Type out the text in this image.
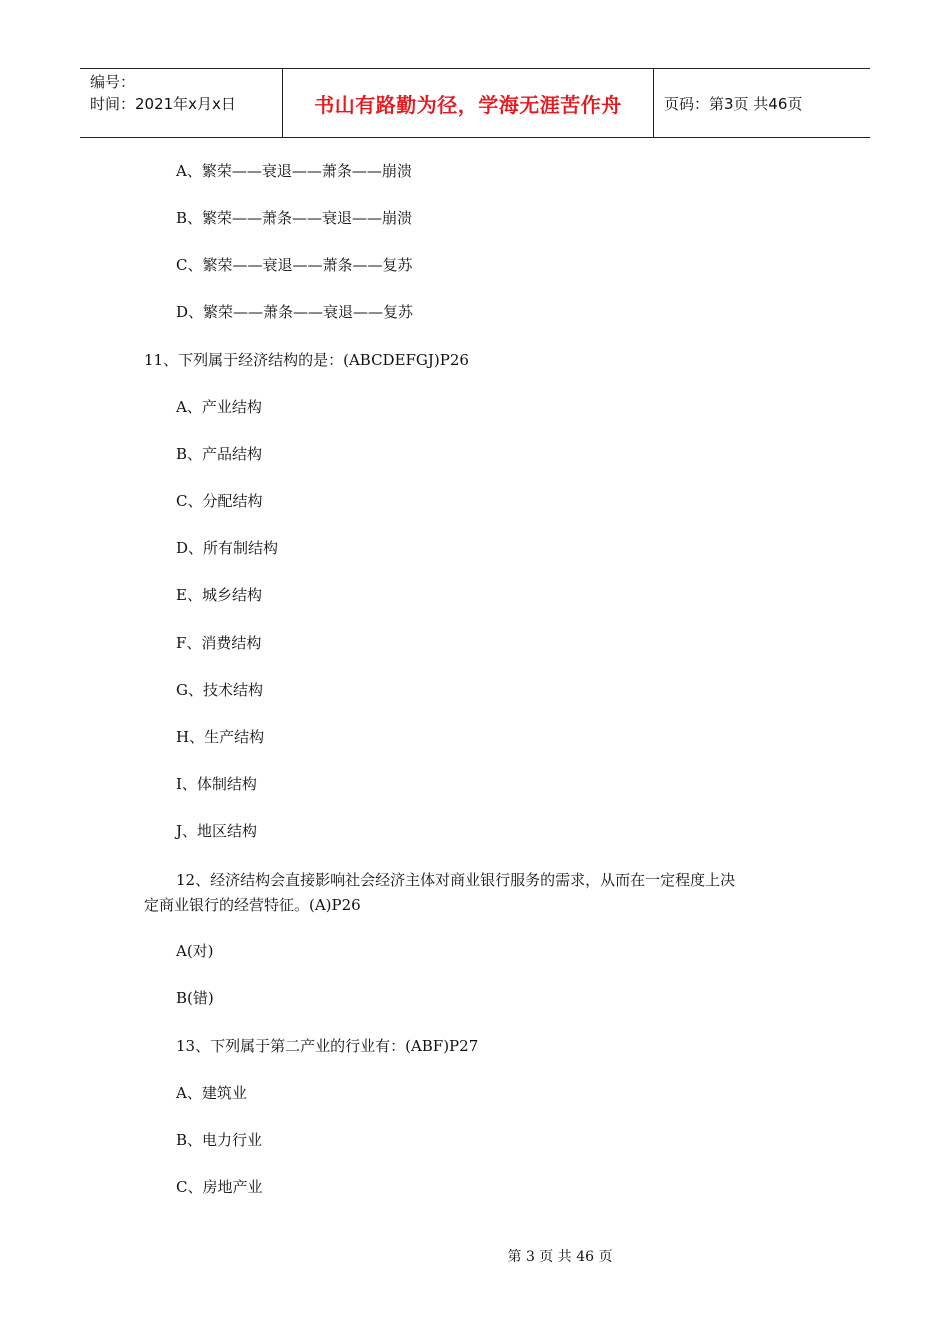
编号：
时间：2021年x月x日	书山有路勤为径，学海无涯苦作舟	页码：第3页 共46页
A、繁荣——衰退——萧条——崩溃
B、繁荣——萧条——衰退——崩溃
C、繁荣——衰退——萧条——复苏
D、繁荣——萧条——衰退——复苏
11、下列属于经济结构的是：(ABCDEFGJ)P26
A、产业结构
B、产品结构
C、分配结构
D、所有制结构
E、城乡结构
F、消费结构
G、技术结构
H、生产结构
I、体制结构
J、地区结构
12、经济结构会直接影响社会经济主体对商业银行服务的需求，从而在一定程度上决
定商业银行的经营特征。(A)P26
A(对)
B(错)
13、下列属于第二产业的行业有：(ABF)P27
A、建筑业
B、电力行业
C、房地产业
第 3 页 共 46 页
